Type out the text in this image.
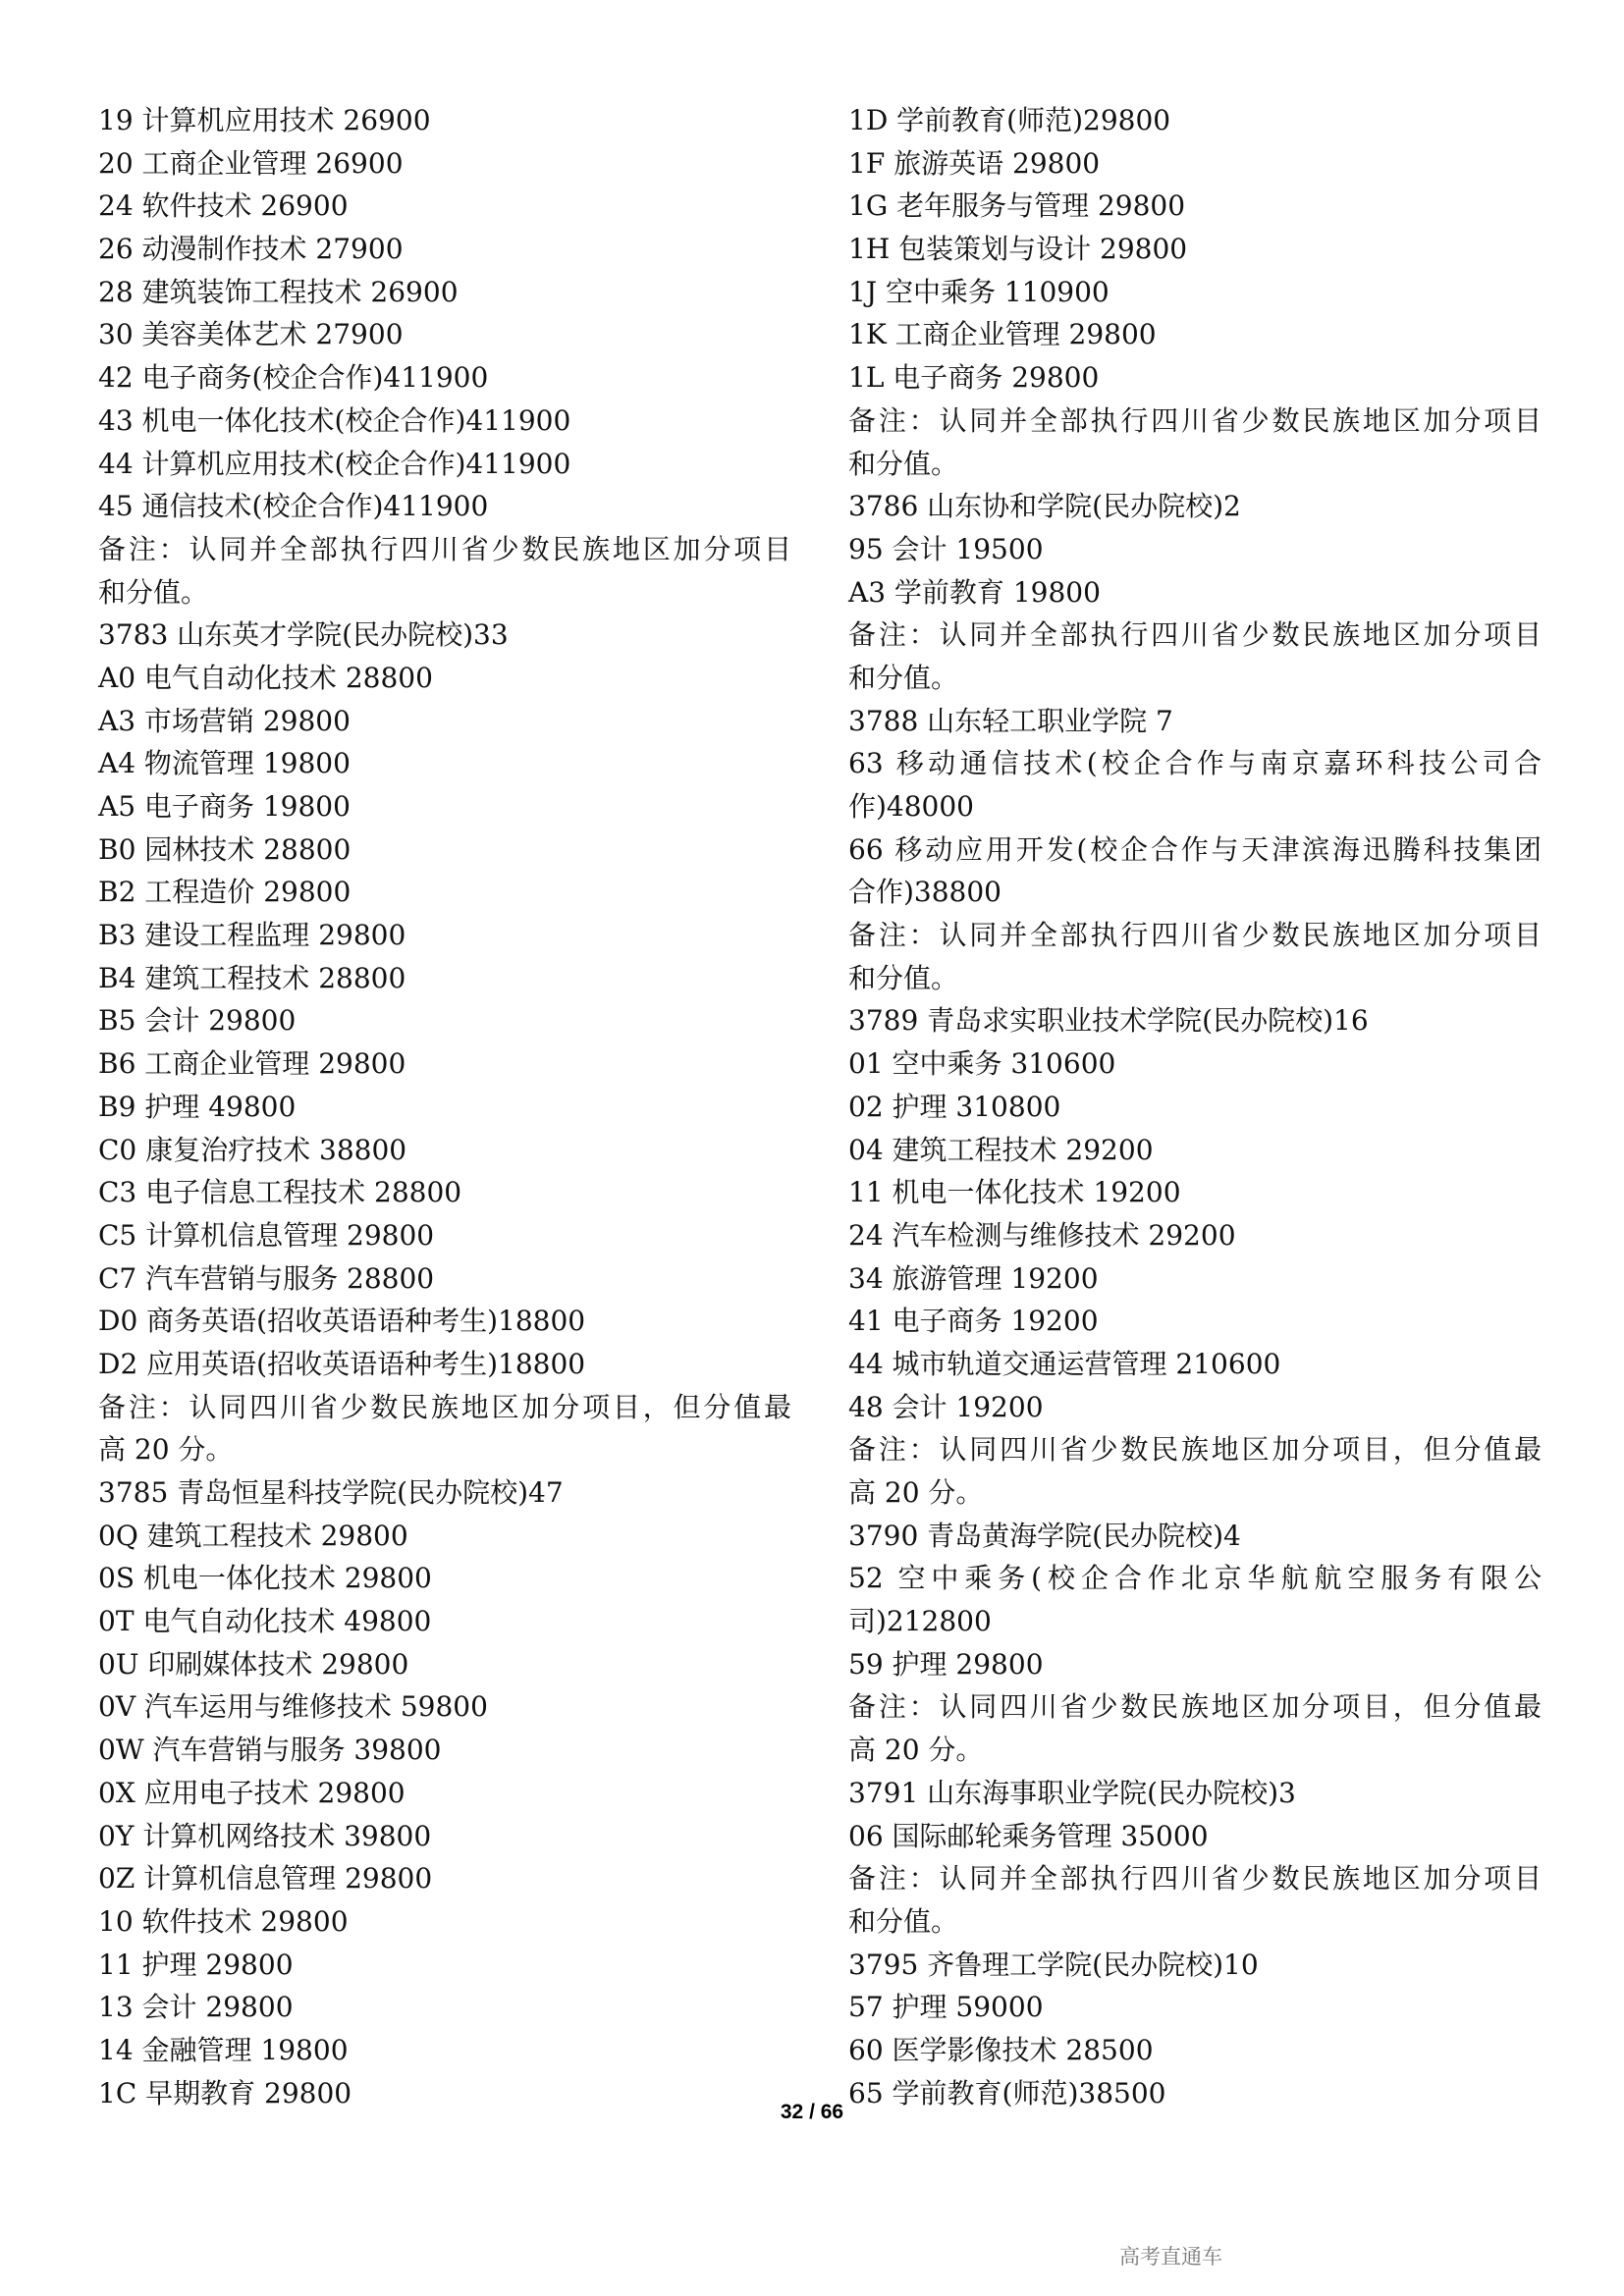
19 计算机应用技术 26900
20 工商企业管理 26900
24 软件技术 26900
26 动漫制作技术 27900
28 建筑装饰工程技术 26900
30 美容美体艺术 27900
42 电子商务(校企合作)411900
43 机电一体化技术(校企合作)411900
44 计算机应用技术(校企合作)411900
45 通信技术(校企合作)411900
备注：认同并全部执行四川省少数民族地区加分项目
和分值。
3783 山东英才学院(民办院校)33
A0 电气自动化技术 28800
A3 市场营销 29800
A4 物流管理 19800
A5 电子商务 19800
B0 园林技术 28800
B2 工程造价 29800
B3 建设工程监理 29800
B4 建筑工程技术 28800
B5 会计 29800
B6 工商企业管理 29800
B9 护理 49800
C0 康复治疗技术 38800
C3 电子信息工程技术 28800
C5 计算机信息管理 29800
C7 汽车营销与服务 28800
D0 商务英语(招收英语语种考生)18800
D2 应用英语(招收英语语种考生)18800
备注：认同四川省少数民族地区加分项目，但分值最
高 20 分。
3785 青岛恒星科技学院(民办院校)47
0Q 建筑工程技术 29800
0S 机电一体化技术 29800
0T 电气自动化技术 49800
0U 印刷媒体技术 29800
0V 汽车运用与维修技术 59800
0W 汽车营销与服务 39800
0X 应用电子技术 29800
0Y 计算机网络技术 39800
0Z 计算机信息管理 29800
10 软件技术 29800
11 护理 29800
13 会计 29800
14 金融管理 19800
1C 早期教育 29800
1D 学前教育(师范)29800
1F 旅游英语 29800
1G 老年服务与管理 29800
1H 包装策划与设计 29800
1J 空中乘务 110900
1K 工商企业管理 29800
1L 电子商务 29800
备注：认同并全部执行四川省少数民族地区加分项目
和分值。
3786 山东协和学院(民办院校)2
95 会计 19500
A3 学前教育 19800
备注：认同并全部执行四川省少数民族地区加分项目
和分值。
3788 山东轻工职业学院 7
63 移动通信技术(校企合作与南京嘉环科技公司合
作)48000
66 移动应用开发(校企合作与天津滨海迅腾科技集团
合作)38800
备注：认同并全部执行四川省少数民族地区加分项目
和分值。
3789 青岛求实职业技术学院(民办院校)16
01 空中乘务 310600
02 护理 310800
04 建筑工程技术 29200
11 机电一体化技术 19200
24 汽车检测与维修技术 29200
34 旅游管理 19200
41 电子商务 19200
44 城市轨道交通运营管理 210600
48 会计 19200
备注：认同四川省少数民族地区加分项目，但分值最
高 20 分。
3790 青岛黄海学院(民办院校)4
52 空中乘务(校企合作北京华航航空服务有限公
司)212800
59 护理 29800
备注：认同四川省少数民族地区加分项目，但分值最
高 20 分。
3791 山东海事职业学院(民办院校)3
06 国际邮轮乘务管理 35000
备注：认同并全部执行四川省少数民族地区加分项目
和分值。
3795 齐鲁理工学院(民办院校)10
57 护理 59000
60 医学影像技术 28500
65 学前教育(师范)38500
32 / 66
高考直通车
